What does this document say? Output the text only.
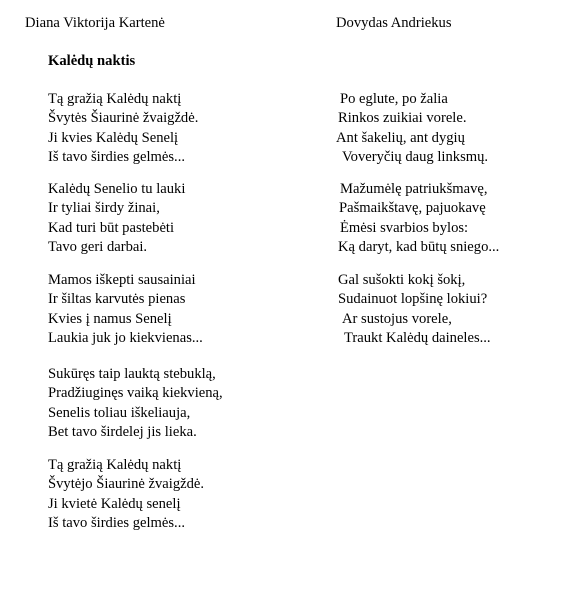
Diana Viktorija Kartenė	Dovydas Andriekus
Kalėdų naktis
Tą gražią Kalėdų naktį
Švytės Šiaurinė žvaigždė.
Ji kvies Kalėdų Senelį
Iš tavo širdies gelmės...
Kalėdų Senelio tu lauki
Ir tyliai širdy žinai,
Kad turi būt pastebėti
Tavo geri darbai.
Mamos iškepti sausainiai
Ir šiltas karvutės pienas
Kvies į namus Senelį
Laukia juk jo kiekvienas...
Sukūręs taip lauktą stebuklą,
Pradžiuginęs vaiką kiekvieną,
Senelis toliau iškeliauja,
Bet tavo širdelej jis lieka.
Tą gražią Kalėdų naktį
Švytėjo Šiaurinė žvaigždė.
Ji kvietė Kalėdų senelį
Iš tavo širdies gelmės...
Po eglute, po žalia
Rinkos zuikiai vorele.
Ant šakelių, ant dygių
Voveryčių daug linksmų.
Mažumėlę patriukšmavę,
Pašmaikštavę, pajuokavę
Ėmėsi svarbios bylos:
Ką daryt, kad būtų sniego...
Gal sušokti kokį šokį,
Sudainuot lopšinę lokiui?
Ar sustojus vorele,
Traukt Kalėdų daineles...
